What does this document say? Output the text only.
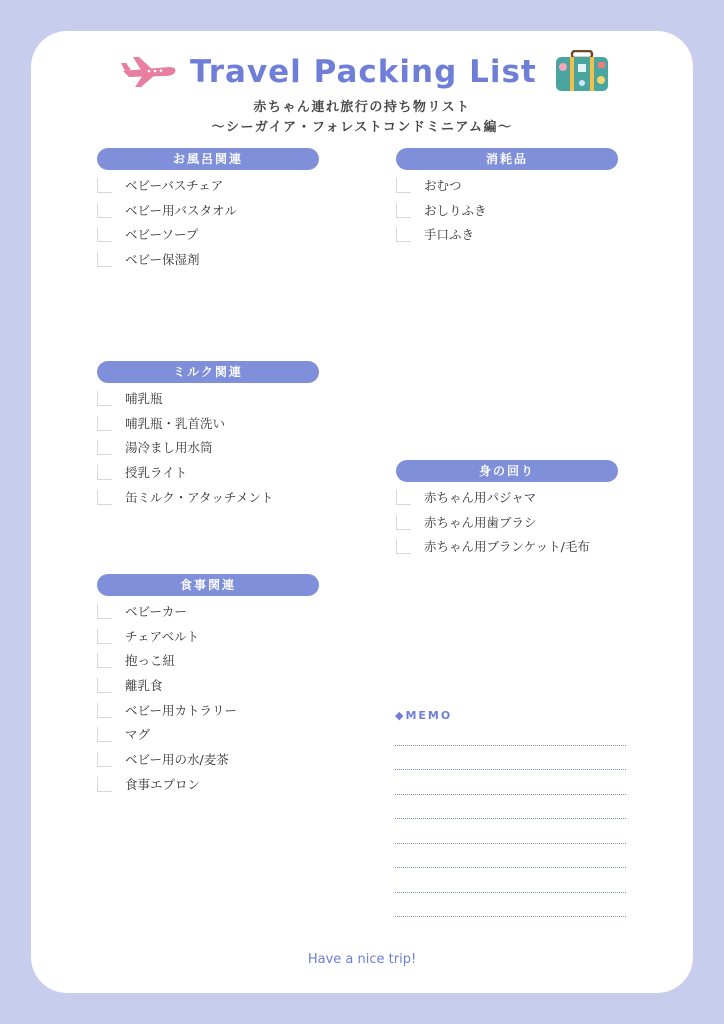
Travel Packing List
赤ちゃん連れ旅行の持ち物リスト
〜シーガイア・フォレストコンドミニアム編〜
お風呂関連
ベビーバスチェア
ベビー用バスタオル
ベビーソープ
ベビー保湿剤
消耗品
おむつ
おしりふき
手口ふき
ミルク関連
哺乳瓶
哺乳瓶・乳首洗い
湯冷まし用水筒
授乳ライト
缶ミルク・アタッチメント
身の回り
赤ちゃん用パジャマ
赤ちゃん用歯ブラシ
赤ちゃん用ブランケット/毛布
食事関連
ベビーカー
チェアベルト
抱っこ紐
離乳食
ベビー用カトラリー
マグ
ベビー用の水/麦茶
食事エプロン
◆MEMO
Have a nice trip!
